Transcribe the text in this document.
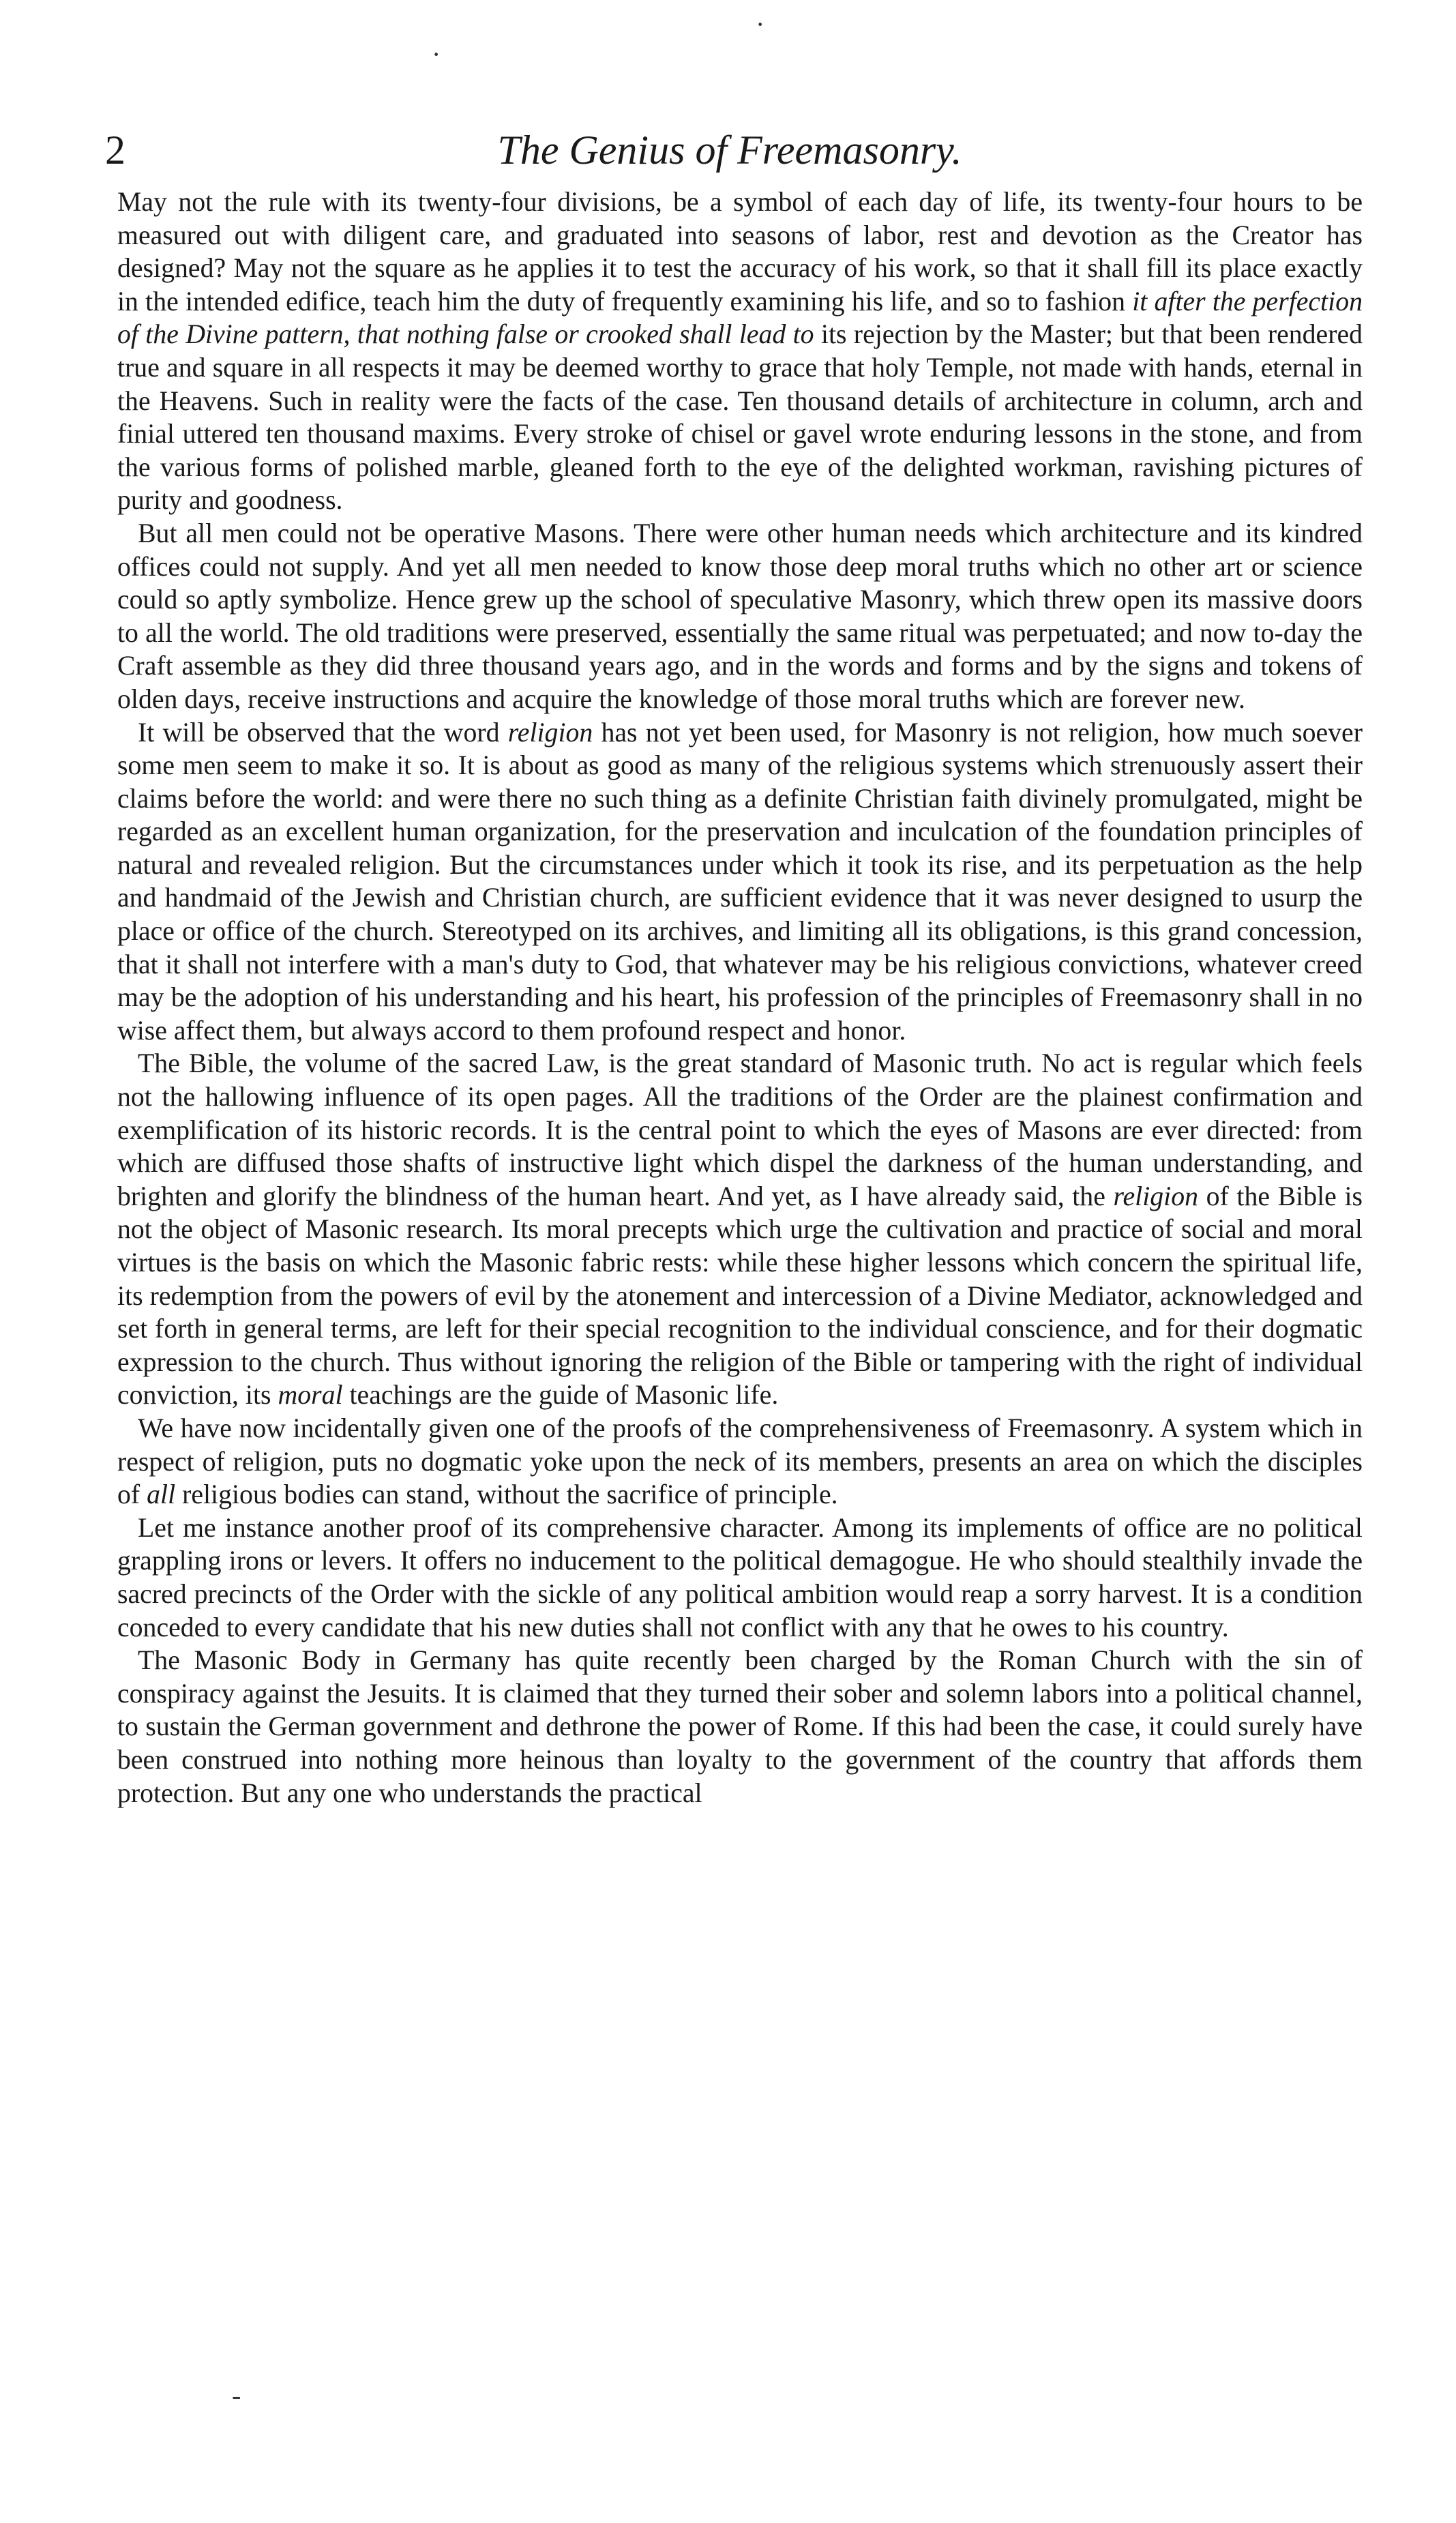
2	The Genius of Freemasonry.

May not the rule with its twenty-four divisions, be a symbol of each day of life, its twenty-four hours to be measured out with diligent care, and graduated into seasons of labor, rest and devotion as the Creator has designed? May not the square as he applies it to test the accuracy of his work, so that it shall fill its place exactly in the intended edifice, teach him the duty of frequently examining his life, and so to fashion it after the perfection of the Divine pattern, that nothing false or crooked shall lead to its rejection by the Master; but that been rendered true and square in all respects it may be deemed worthy to grace that holy Temple, not made with hands, eternal in the Heavens. Such in reality were the facts of the case. Ten thousand details of architecture in column, arch and finial uttered ten thousand maxims. Every stroke of chisel or gavel wrote enduring lessons in the stone, and from the various forms of polished marble, gleaned forth to the eye of the delighted workman, ravishing pictures of purity and goodness.

But all men could not be operative Masons. There were other human needs which architecture and its kindred offices could not supply. And yet all men needed to know those deep moral truths which no other art or science could so aptly symbolize. Hence grew up the school of speculative Masonry, which threw open its massive doors to all the world. The old traditions were preserved, essentially the same ritual was perpetuated; and now to-day the Craft assemble as they did three thousand years ago, and in the words and forms and by the signs and tokens of olden days, receive instructions and acquire the knowledge of those moral truths which are forever new.

It will be observed that the word religion has not yet been used, for Masonry is not religion, how much soever some men seem to make it so. It is about as good as many of the religious systems which strenuously assert their claims before the world: and were there no such thing as a definite Christian faith divinely promulgated, might be regarded as an excellent human organization, for the preservation and inculcation of the foundation principles of natural and revealed religion. But the circumstances under which it took its rise, and its perpetuation as the help and handmaid of the Jewish and Christian church, are sufficient evidence that it was never designed to usurp the place or office of the church. Stereotyped on its archives, and limiting all its obligations, is this grand concession, that it shall not interfere with a man's duty to God, that whatever may be his religious convictions, whatever creed may be the adoption of his understanding and his heart, his profession of the principles of Freemasonry shall in no wise affect them, but always accord to them profound respect and honor.

The Bible, the volume of the sacred Law, is the great standard of Masonic truth. No act is regular which feels not the hallowing influence of its open pages. All the traditions of the Order are the plainest confirmation and exemplification of its historic records. It is the central point to which the eyes of Masons are ever directed: from which are diffused those shafts of instructive light which dispel the darkness of the human understanding, and brighten and glorify the blindness of the human heart. And yet, as I have already said, the religion of the Bible is not the object of Masonic research. Its moral precepts which urge the cultivation and practice of social and moral virtues is the basis on which the Masonic fabric rests: while these higher lessons which concern the spiritual life, its redemption from the powers of evil by the atonement and intercession of a Divine Mediator, acknowledged and set forth in general terms, are left for their special recognition to the individual conscience, and for their dogmatic expression to the church. Thus without ignoring the religion of the Bible or tampering with the right of individual conviction, its moral teachings are the guide of Masonic life.

We have now incidentally given one of the proofs of the comprehensiveness of Freemasonry. A system which in respect of religion, puts no dogmatic yoke upon the neck of its members, presents an area on which the disciples of all religious bodies can stand, without the sacrifice of principle.

Let me instance another proof of its comprehensive character. Among its implements of office are no political grappling irons or levers. It offers no inducement to the political demagogue. He who should stealthily invade the sacred precincts of the Order with the sickle of any political ambition would reap a sorry harvest. It is a condition conceded to every candidate that his new duties shall not conflict with any that he owes to his country.

The Masonic Body in Germany has quite recently been charged by the Roman Church with the sin of conspiracy against the Jesuits. It is claimed that they turned their sober and solemn labors into a political channel, to sustain the German government and dethrone the power of Rome. If this had been the case, it could surely have been construed into nothing more heinous than loyalty to the government of the country that affords them protection. But any one who understands the practical

·
·
-
